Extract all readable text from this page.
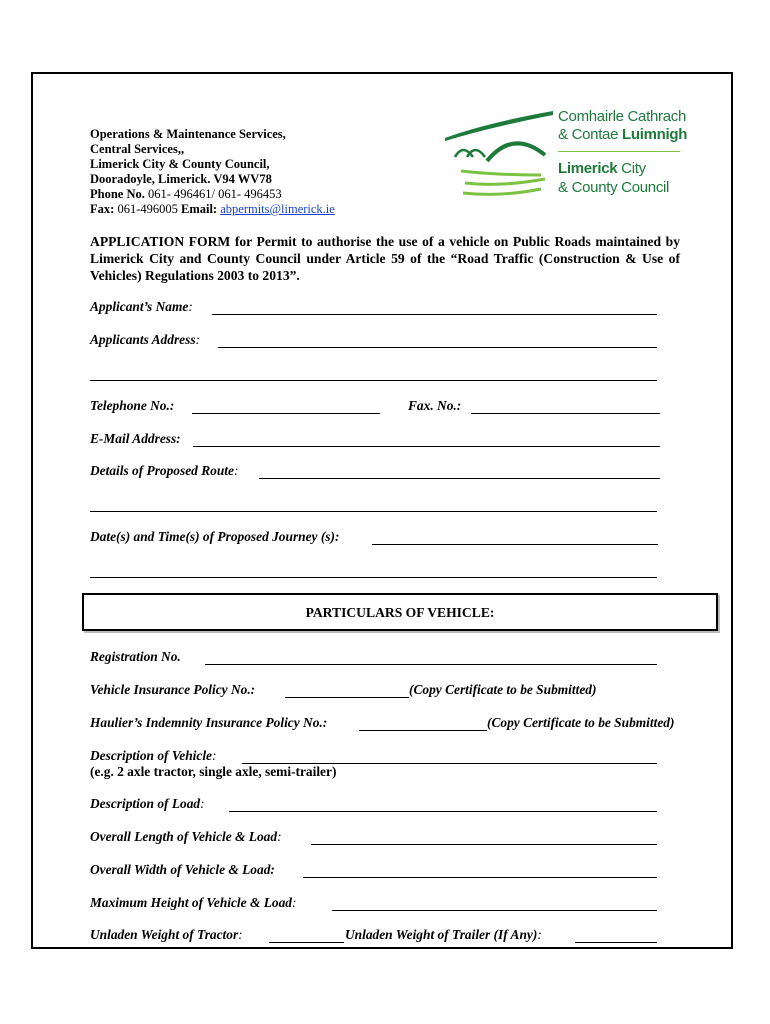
Operations & Maintenance Services,
Central Services,,
Limerick City & County Council,
Dooradoyle, Limerick. V94 WV78
Phone No. 061- 496461/ 061- 496453
Fax: 061-496005 Email: abpermits@limerick.ie
Comhairle Cathrach
& Contae Luimnigh
Limerick City
& County Council
APPLICATION FORM for Permit to authorise the use of a vehicle on Public Roads maintained by Limerick City and County Council under Article 59 of the “Road Traffic (Construction & Use of Vehicles) Regulations 2003 to 2013”.
Applicant’s Name:
Applicants Address:
Telephone No.:	Fax. No.:
E-Mail Address:
Details of Proposed Route:
Date(s) and Time(s) of Proposed Journey (s):
PARTICULARS OF VEHICLE:
Registration No.
Vehicle Insurance Policy No.:	(Copy Certificate to be Submitted)
Haulier’s Indemnity Insurance Policy No.:	(Copy Certificate to be Submitted)
Description of Vehicle:
(e.g. 2 axle tractor, single axle, semi-trailer)
Description of Load:
Overall Length of Vehicle & Load:
Overall Width of Vehicle & Load:
Maximum Height of Vehicle & Load:
Unladen Weight of Tractor:	Unladen Weight of Trailer (If Any):
